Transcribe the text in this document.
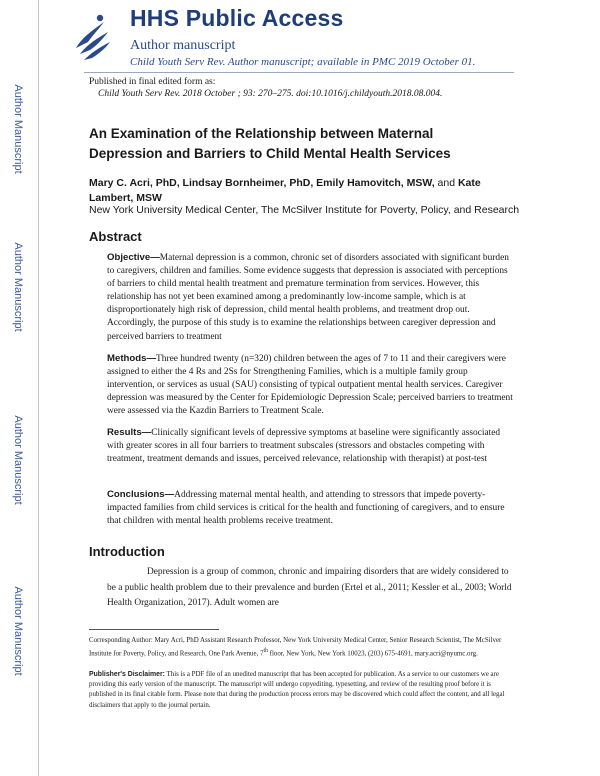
Author Manuscript
Author Manuscript
Author Manuscript
Author Manuscript
HHS Public Access
Author manuscript
Child Youth Serv Rev. Author manuscript; available in PMC 2019 October 01.
Published in final edited form as:
Child Youth Serv Rev. 2018 October ; 93: 270–275. doi:10.1016/j.childyouth.2018.08.004.
An Examination of the Relationship between Maternal Depression and Barriers to Child Mental Health Services
Mary C. Acri, PhD, Lindsay Bornheimer, PhD, Emily Hamovitch, MSW, and Kate Lambert, MSW
New York University Medical Center, The McSilver Institute for Poverty, Policy, and Research
Abstract
Objective—Maternal depression is a common, chronic set of disorders associated with significant burden to caregivers, children and families. Some evidence suggests that depression is associated with perceptions of barriers to child mental health treatment and premature termination from services. However, this relationship has not yet been examined among a predominantly low-income sample, which is at disproportionately high risk of depression, child mental health problems, and treatment drop out. Accordingly, the purpose of this study is to examine the relationships between caregiver depression and perceived barriers to treatment
Methods—Three hundred twenty (n=320) children between the ages of 7 to 11 and their caregivers were assigned to either the 4 Rs and 2Ss for Strengthening Families, which is a multiple family group intervention, or services as usual (SAU) consisting of typical outpatient mental health services. Caregiver depression was measured by the Center for Epidemiologic Depression Scale; perceived barriers to treatment were assessed via the Kazdin Barriers to Treatment Scale.
Results—Clinically significant levels of depressive symptoms at baseline were significantly associated with greater scores in all four barriers to treatment subscales (stressors and obstacles competing with treatment, treatment demands and issues, perceived relevance, relationship with therapist) at post-test
Conclusions—Addressing maternal mental health, and attending to stressors that impede poverty-impacted families from child services is critical for the health and functioning of caregivers, and to ensure that children with mental health problems receive treatment.
Introduction
Depression is a group of common, chronic and impairing disorders that are widely considered to be a public health problem due to their prevalence and burden (Ertel et al., 2011; Kessler et al., 2003; World Health Organization, 2017). Adult women are
Corresponding Author: Mary Acri, PhD Assistant Research Professor, New York University Medical Center, Senior Research Scientist, The McSilver Institute for Poverty, Policy, and Research, One Park Avenue, 7th floor, New York, New York 10023, (203) 675-4691, mary.acri@nyumc.org.
Publisher's Disclaimer: This is a PDF file of an unedited manuscript that has been accepted for publication. As a service to our customers we are providing this early version of the manuscript. The manuscript will undergo copyediting, typesetting, and review of the resulting proof before it is published in its final citable form. Please note that during the production process errors may be discovered which could affect the content, and all legal disclaimers that apply to the journal pertain.
